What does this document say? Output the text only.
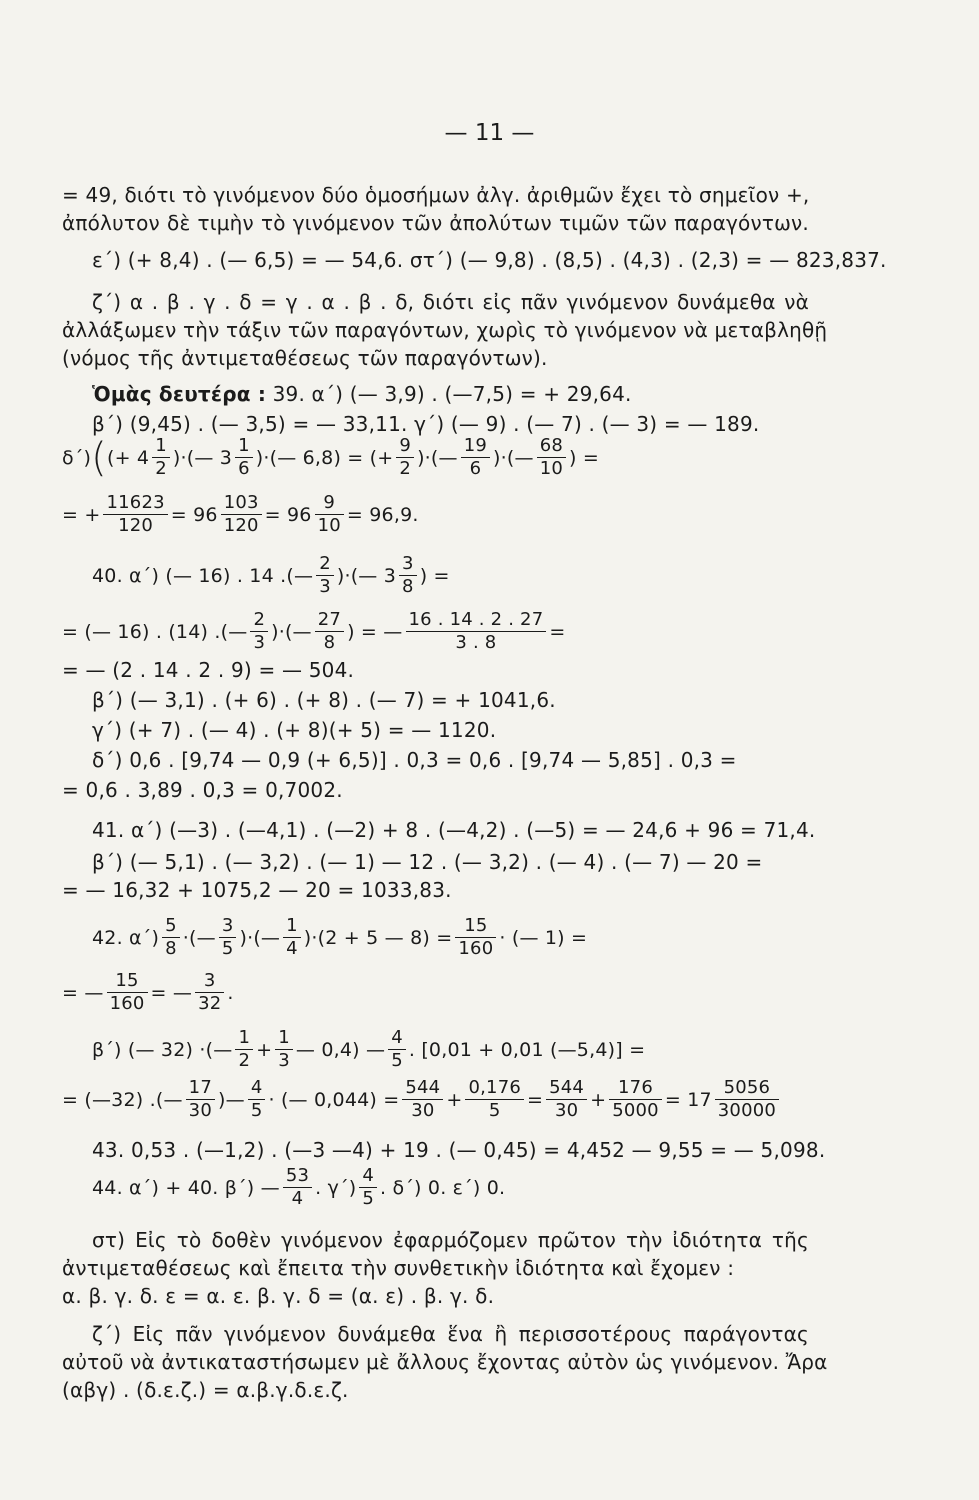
— 11 —
= 49, διότι τὸ γινόμενον δύο ὁμοσήμων ἀλγ. ἀριθμῶν ἔχει τὸ σημεῖον +,
ἀπόλυτον δὲ τιμὴν τὸ γινόμενον τῶν ἀπολύτων τιμῶν τῶν παραγόντων.
ε΄) (+ 8,4) . (— 6,5) = — 54,6. στ΄) (— 9,8) . (8,5) . (4,3) . (2,3) = — 823,837.
ζ΄) α . β . γ . δ = γ . α . β . δ, διότι εἰς πᾶν γινόμενον δυνάμεθα νὰ
ἀλλάξωμεν τὴν τάξιν τῶν παραγόντων, χωρὶς τὸ γινόμενον νὰ μεταβληθῇ
(νόμος τῆς ἀντιμεταθέσεως τῶν παραγόντων).
Ὁμὰς δευτέρα : 39. α΄) (— 3,9) . (—7,5) = + 29,64.
β΄) (9,45) . (— 3,5) = — 33,11. γ΄) (— 9) . (— 7) . (— 3) = — 189.
δ΄) ( (+ 4
1
2 )·(— 3
1
6 )·(— 6,8) = (+ $\frac{9}{2}$ )·(—
19
6 )·(—
68
10 ) =
= + $\frac{11623}{120} = 96 \frac{103}{120} = 96 \frac{9}{10} = 96,9$.
40. α΄) (— 16) . 14 . (—
2
3 )·(— 3
3
8 ) =
= (— 16) . (14) . (—
2
3 )·(—
27
8 ) = — $\frac{16 . 14 . 2 . 27}{3 . 8}$ =
= — (2 . 14 . 2 . 9) = — 504.
β΄) (— 3,1) . (+ 6) . (+ 8) . (— 7) = + 1041,6.
γ΄) (+ 7) . (— 4) . (+ 8)(+ 5) = — 1120.
δ΄) 0,6 . [9,74 — 0,9 (+ 6,5)] . 0,3 = 0,6 . [9,74 — 5,85] . 0,3 =
= 0,6 . 3,89 . 0,3 = 0,7002.
41. α΄) (—3) . (—4,1) . (—2) + 8 . (—4,2) . (—5) = — 24,6 + 96 = 71,4.
β΄) (— 5,1) . (— 3,2) . (— 1) — 12 . (— 3,2) . (— 4) . (— 7) — 20 =
= — 16,32 + 1075,2 — 20 = 1033,83.
42. α΄)
5
8 ·(—
3
5 )·(—
1
4 )·(2 + 5 — $8) = \frac{15}{160}$ · (— 1) =
= — $\frac{15}{160}$ = —
3
32 .
β΄) (— 32) · (—
1
$2 + \frac{1}{3}$ — 0,4) —
4
5 . [0,01 + 0,01 (—5,4)] =
= (—32) . (—
17
30 )—
4
5 · (— $0,044) = \frac{544}{30} + \frac{0,176}{5} = \frac{544}{30} + \frac{176}{5000} = 17$
5056
30000
43. 0,53 . (—1,2) . (—3 —4) + 19 . (— 0,45) = 4,452 — 9,55 = — 5,098.
44. α΄) + 40. β΄) —
53
4 . γ΄)
4
5 . δ΄) 0. ε΄) 0.
στ) Εἰς τὸ δοθὲν γινόμενον ἐφαρμόζομεν πρῶτον τὴν ἰδιότητα τῆς
ἀντιμεταθέσεως καὶ ἔπειτα τὴν συνθετικὴν ἰδιότητα καὶ ἔχομεν :
α. β. γ. δ. ε = α. ε. β. γ. δ = (α. ε) . β. γ. δ.
ζ΄) Εἰς πᾶν γινόμενον δυνάμεθα ἕνα ἢ περισσοτέρους παράγοντας
αὐτοῦ νὰ ἀντικαταστήσωμεν μὲ ἄλλους ἔχοντας αὐτὸν ὡς γινόμενον. Ἄρα
(αβγ) . (δ.ε.ζ.) = α.β.γ.δ.ε.ζ.
